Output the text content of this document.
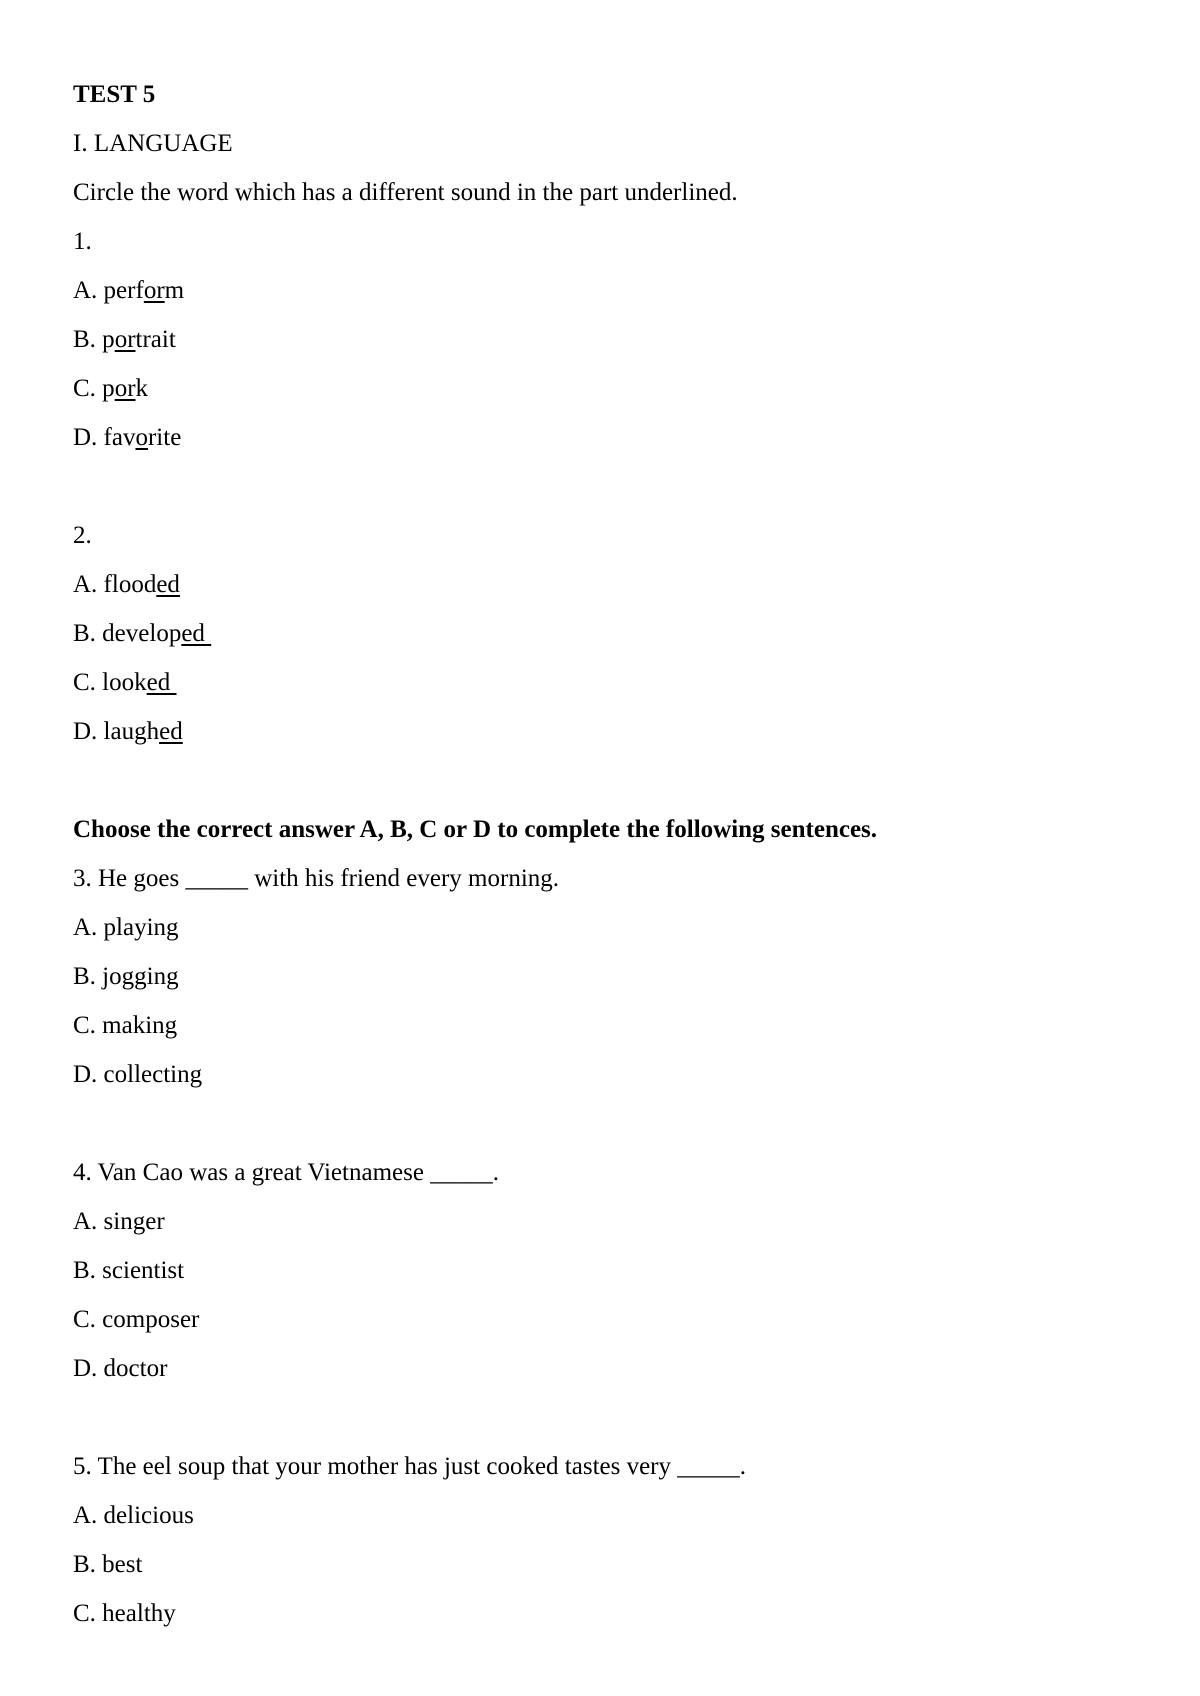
TEST 5
I. LANGUAGE
Circle the word which has a different sound in the part underlined.
1.
A. perform
B. portrait
C. pork
D. favorite
2.
A. flooded
B. developed
C. looked
D. laughed
Choose the correct answer A, B, C or D to complete the following sentences.
3. He goes _____ with his friend every morning.
A. playing
B. jogging
C. making
D. collecting
4. Van Cao was a great Vietnamese _____.
A. singer
B. scientist
C. composer
D. doctor
5. The eel soup that your mother has just cooked tastes very _____.
A. delicious
B. best
C. healthy
